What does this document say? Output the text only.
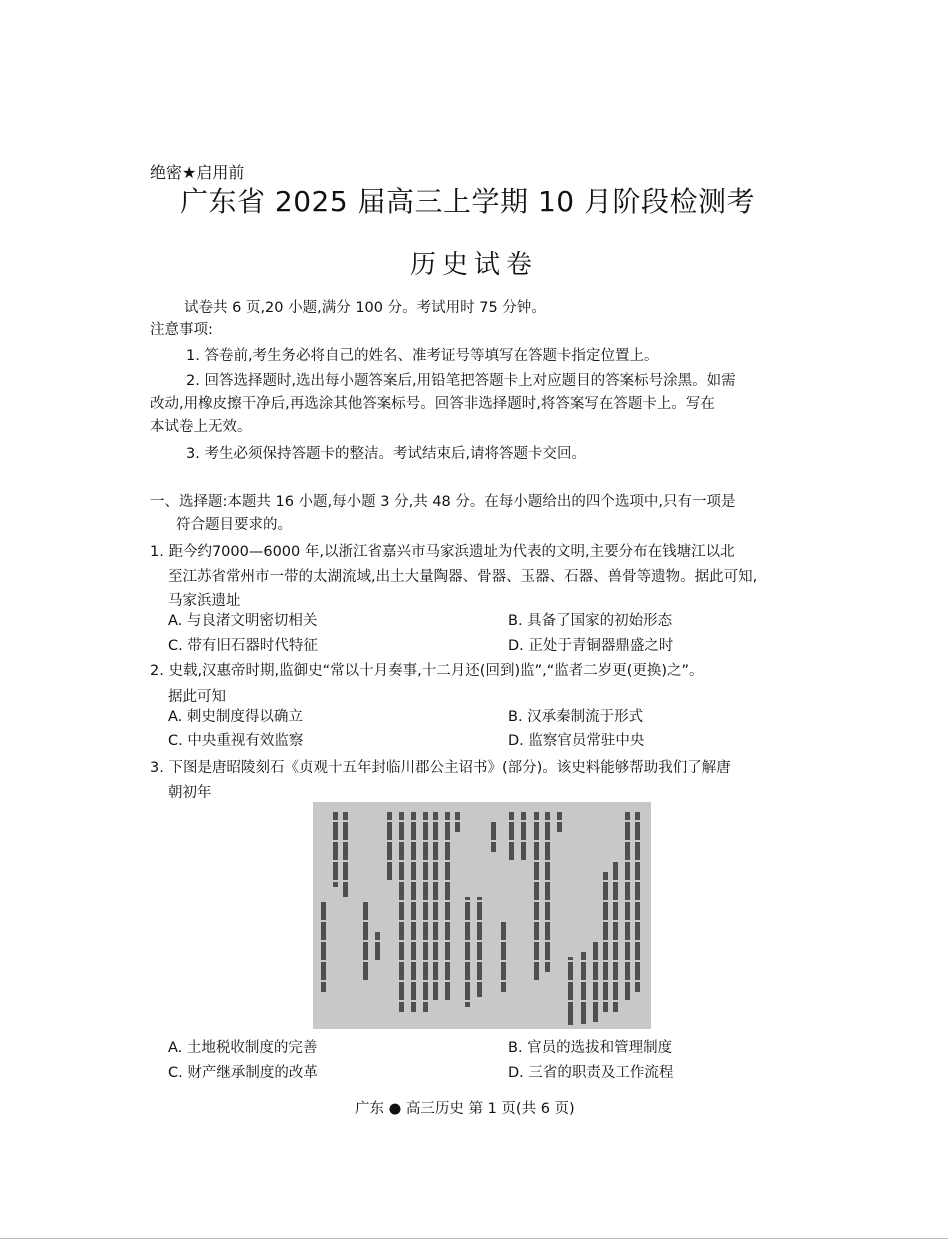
绝密★启用前
广东省 2025 届高三上学期 10 月阶段检测考
历史试卷
试卷共 6 页,20 小题,满分 100 分。考试用时 75 分钟。
注意事项:
1. 答卷前,考生务必将自己的姓名、准考证号等填写在答题卡指定位置上。
2. 回答选择题时,选出每小题答案后,用铅笔把答题卡上对应题目的答案标号涂黑。如需
改动,用橡皮擦干净后,再选涂其他答案标号。回答非选择题时,将答案写在答题卡上。写在
本试卷上无效。
3. 考生必须保持答题卡的整洁。考试结束后,请将答题卡交回。
一、选择题:本题共 16 小题,每小题 3 分,共 48 分。在每小题给出的四个选项中,只有一项是
符合题目要求的。
1. 距今约7000—6000 年,以浙江省嘉兴市马家浜遗址为代表的文明,主要分布在钱塘江以北
至江苏省常州市一带的太湖流域,出土大量陶器、骨器、玉器、石器、兽骨等遗物。据此可知,
马家浜遗址
A. 与良渚文明密切相关	B. 具备了国家的初始形态
C. 带有旧石器时代特征	D. 正处于青铜器鼎盛之时
2. 史载,汉惠帝时期,监御史“常以十月奏事,十二月还(回到)监”,“监者二岁更(更换)之”。
据此可知
A. 刺史制度得以确立	B. 汉承秦制流于形式
C. 中央重视有效监察	D. 监察官员常驻中央
3. 下图是唐昭陵刻石《贞观十五年封临川郡公主诏书》(部分)。该史料能够帮助我们了解唐
朝初年
A. 土地税收制度的完善	B. 官员的选拔和管理制度
C. 财产继承制度的改革	D. 三省的职责及工作流程
广东 ● 高三历史 第 1 页(共 6 页)
